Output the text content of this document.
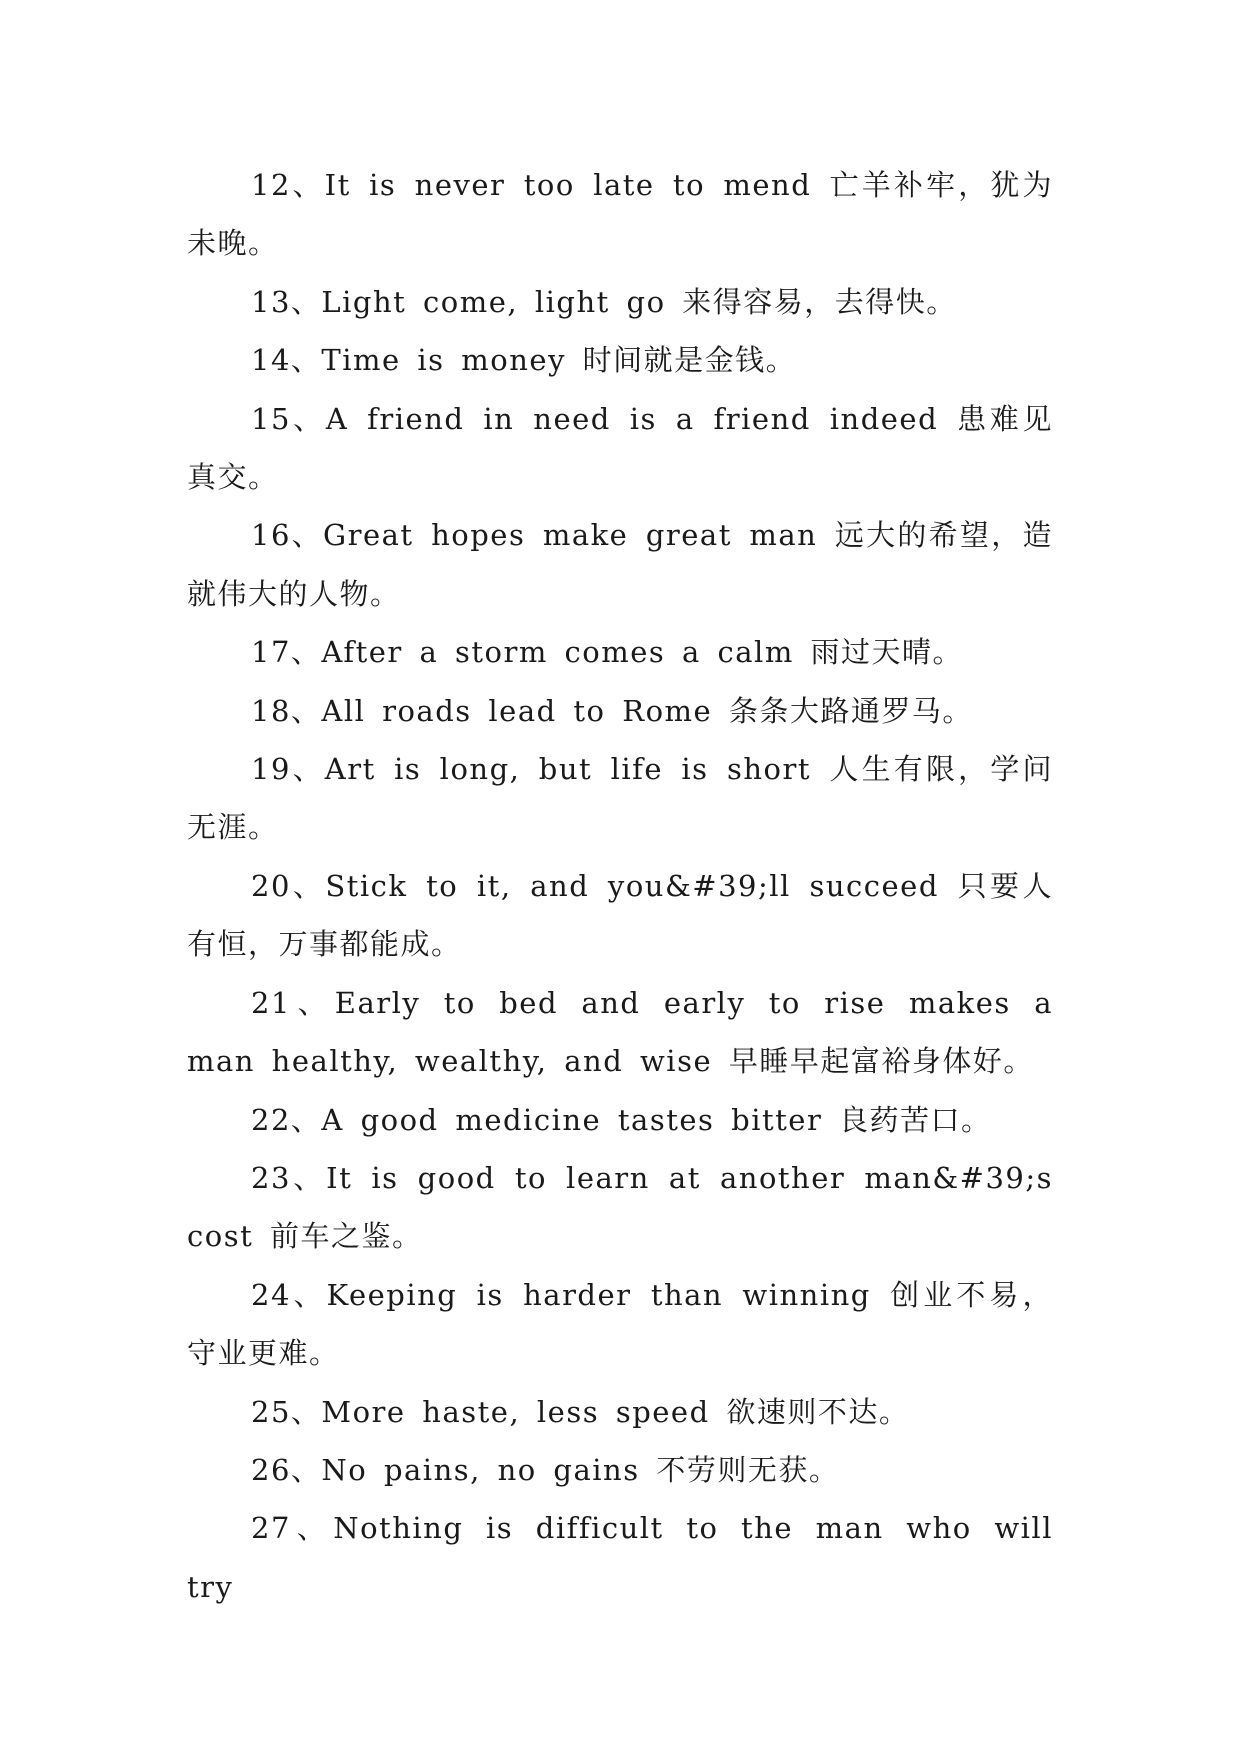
12、It is never too late to mend 亡羊补牢，犹为未晚。

13、Light come, light go 来得容易，去得快。

14、Time is money 时间就是金钱。

15、A friend in need is a friend indeed 患难见真交。

16、Great hopes make great man 远大的希望，造就伟大的人物。

17、After a storm comes a calm 雨过天晴。

18、All roads lead to Rome 条条大路通罗马。

19、Art is long, but life is short 人生有限，学问无涯。

20、Stick to it, and you&#39;ll succeed 只要人有恒，万事都能成。

21、Early to bed and early to rise makes a man healthy, wealthy, and wise 早睡早起富裕身体好。

22、A good medicine tastes bitter 良药苦口。

23、It is good to learn at another man&#39;s cost 前车之鉴。

24、Keeping is harder than winning 创业不易，守业更难。

25、More haste, less speed 欲速则不达。

26、No pains, no gains 不劳则无获。

27、Nothing is difficult to the man who will try
